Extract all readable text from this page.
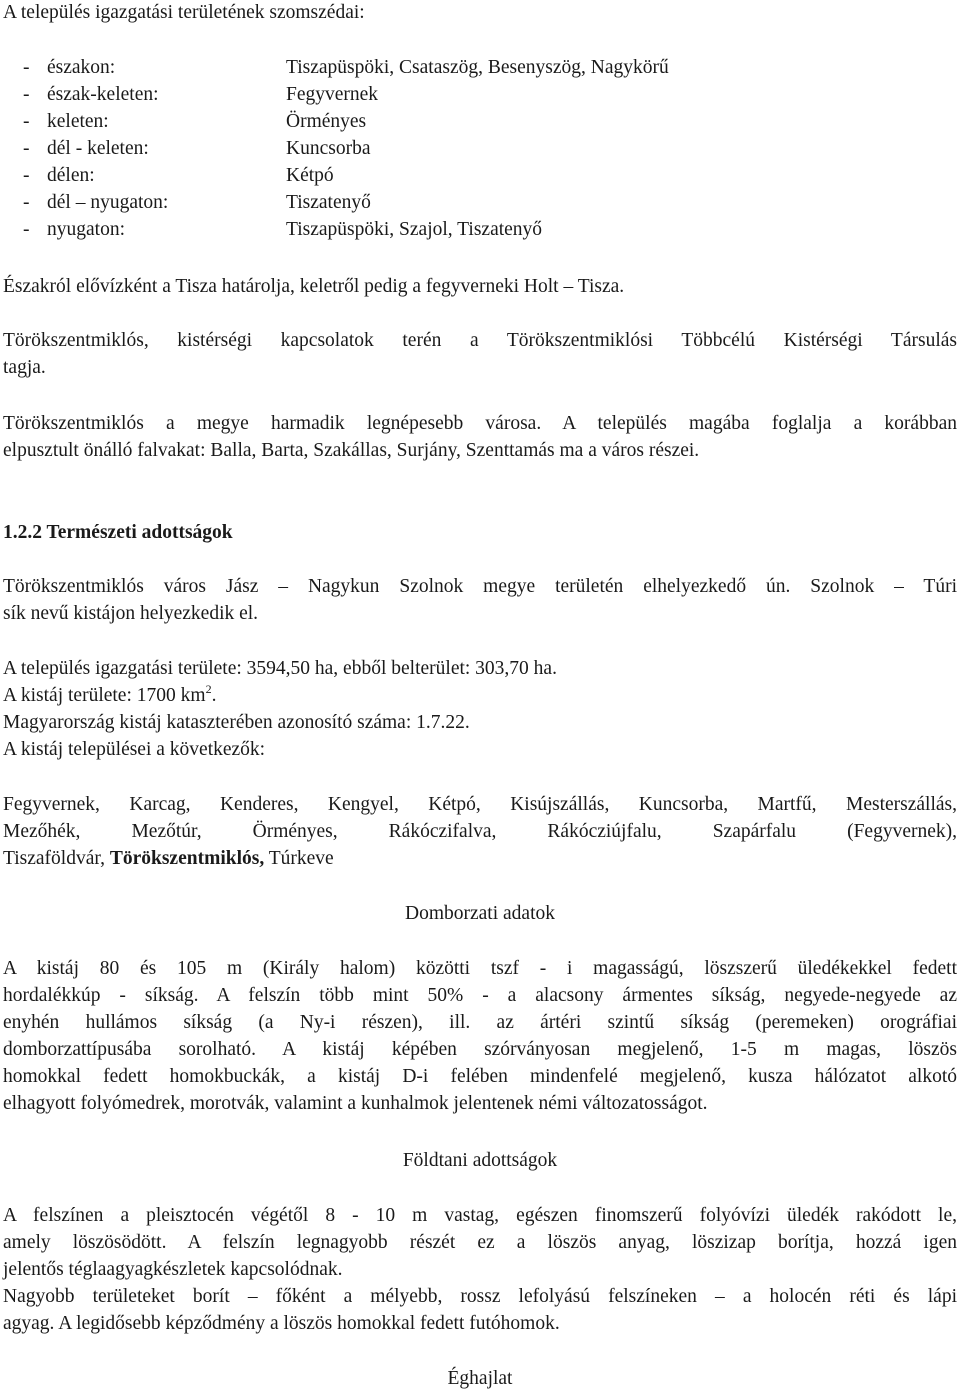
A település igazgatási területének szomszédai:
- északon:	Tiszapüspöki, Csataszög, Besenyszög, Nagykörű
- észak-keleten:	Fegyvernek
- keleten:	Örményes
- dél - keleten:	Kuncsorba
- délen:	Kétpó
- dél ‒ nyugaton:	Tiszatenyő
- nyugaton:	Tiszapüspöki, Szajol, Tiszatenyő
Északról elővízként a Tisza határolja, keletről pedig a fegyverneki Holt ‒ Tisza.
Törökszentmiklós, kistérségi kapcsolatok terén a Törökszentmiklósi Többcélú Kistérségi Társulás
tagja.
Törökszentmiklós a megye harmadik legnépesebb városa. A település magába foglalja a korábban
elpusztult önálló falvakat: Balla, Barta, Szakállas, Surjány, Szenttamás ma a város részei.
1.2.2 Természeti adottságok
Törökszentmiklós város Jász ‒ Nagykun Szolnok megye területén elhelyezkedő ún. Szolnok ‒ Túri
sík nevű kistájon helyezkedik el.
A település igazgatási területe: 3594,50 ha, ebből belterület: 303,70 ha.
A kistáj területe: 1700 $km^2$.
Magyarország kistáj kataszterében azonosító száma: 1.7.22.
A kistáj települései a következők:
Fegyvernek, Karcag, Kenderes, Kengyel, Kétpó, Kisújszállás, Kuncsorba, Martfű, Mesterszállás,
Mezőhék, Mezőtúr, Örményes, Rákóczifalva, Rákócziújfalu, Szapárfalu (Fegyvernek),
Tiszaföldvár, Törökszentmiklós, Túrkeve
Domborzati adatok
A kistáj 80 és 105 m (Király halom) közötti tszf - i magasságú, löszszerű üledékekkel fedett
hordalékkúp - síkság. A felszín több mint 50% - a alacsony ármentes síkság, negyede-negyede az
enyhén hullámos síkság (a Ny-i részen), ill. az ártéri szintű síkság (peremeken) orográfiai
domborzattípusába sorolható. A kistáj képében szórványosan megjelenő, 1-5 m magas, löszös
homokkal fedett homokbuckák, a kistáj D-i felében mindenfelé megjelenő, kusza hálózatot alkotó
elhagyott folyómedrek, morotvák, valamint a kunhalmok jelentenek némi változatosságot.
Földtani adottságok
A felszínen a pleisztocén végétől 8 - 10 m vastag, egészen finomszerű folyóvízi üledék rakódott le,
amely löszösödött. A felszín legnagyobb részét ez a löszös anyag, löszizap borítja, hozzá igen
jelentős téglaagyagkészletek kapcsolódnak.
Nagyobb területeket borít ‒ főként a mélyebb, rossz lefolyású felszíneken ‒ a holocén réti és lápi
agyag. A legidősebb képződmény a löszös homokkal fedett futóhomok.
Éghajlat
